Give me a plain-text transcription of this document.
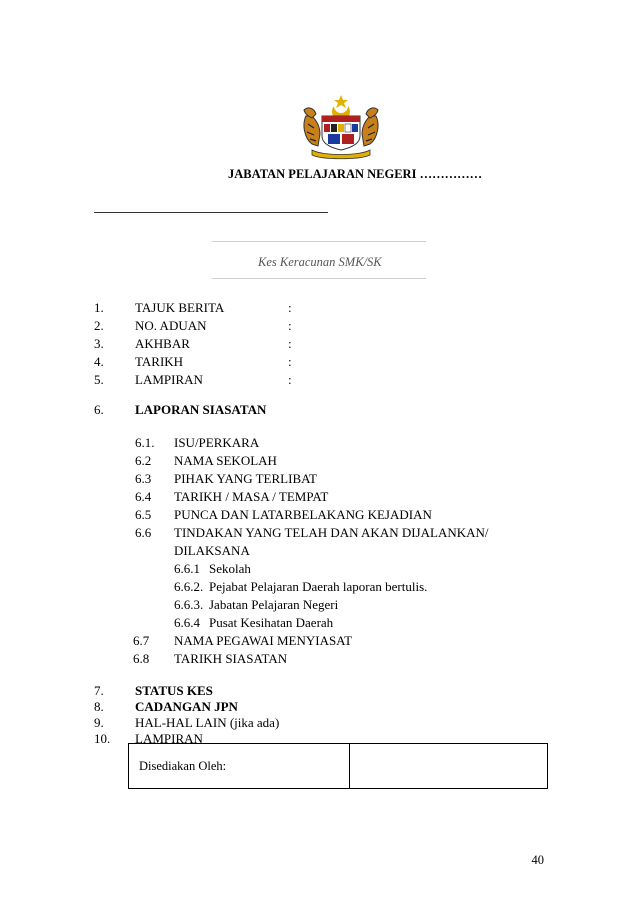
JABATAN PELAJARAN NEGERI ……………
Kes Keracunan SMK/SK
1. TAJUK BERITA	:
2. NO. ADUAN	:
3. AKHBAR	:
4. TARIKH	:
5. LAMPIRAN	:
6. LAPORAN SIASATAN
6.1. ISU/PERKARA
6.2 NAMA SEKOLAH
6.3 PIHAK YANG TERLIBAT
6.4 TARIKH / MASA / TEMPAT
6.5 PUNCA DAN LATARBELAKANG KEJADIAN
6.6 TINDAKAN YANG TELAH DAN AKAN DIJALANKAN/
DILAKSANA
6.6.1 Sekolah
6.6.2. Pejabat Pelajaran Daerah laporan bertulis.
6.6.3. Jabatan Pelajaran Negeri
6.6.4 Pusat Kesihatan Daerah
6.7 NAMA PEGAWAI MENYIASAT
6.8 TARIKH SIASATAN
7. STATUS KES
8. CADANGAN JPN
9. HAL-HAL LAIN (jika ada)
10. LAMPIRAN
Disediakan Oleh:	
40
